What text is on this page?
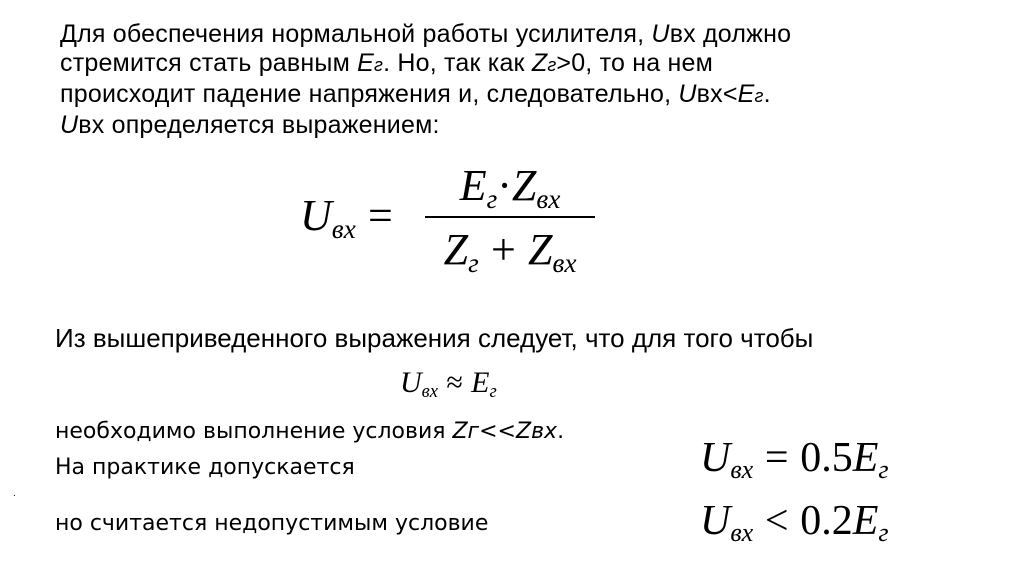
Для обеспечения нормальной работы усилителя, Uвх должно
стремится стать равным Eг. Но, так как Zг>0, то на нем
происходит падение напряжения и, следовательно, Uвх<Eг.
Uвх определяется выражением:
Uвх =
Eг·Zвх
Zг + Zвх
Из вышеприведенного выражения следует, что для того чтобы
Uвх ≈ Eг
необходимо выполнение условия Zг<<Zвх.
На практике допускается	Uвх = 0.5Eг
но считается недопустимым условие	Uвх < 0.2Eг
.
